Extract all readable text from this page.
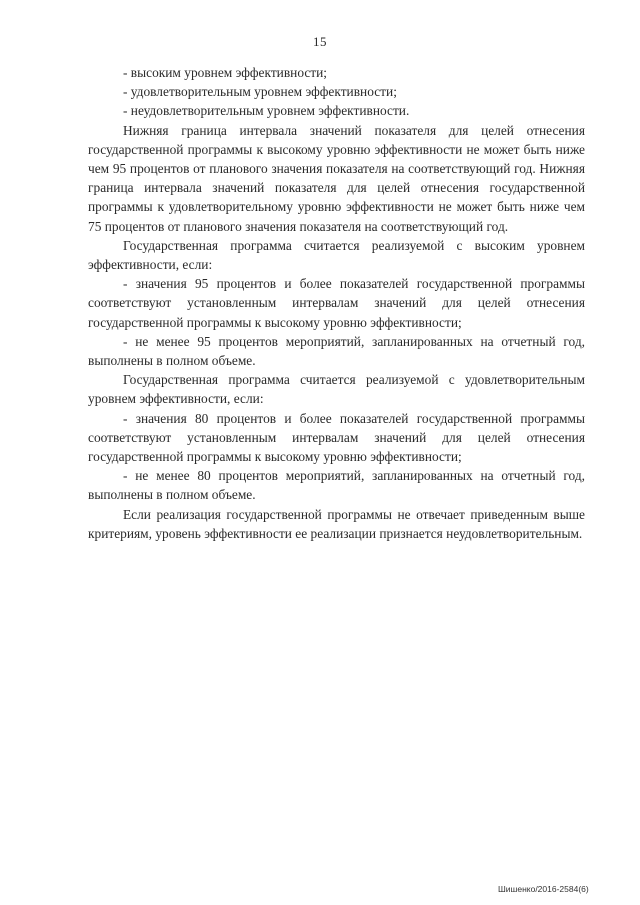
15

- высоким уровнем эффективности;

- удовлетворительным уровнем эффективности;

- неудовлетворительным уровнем эффективности.

Нижняя граница интервала значений показателя для целей отнесения государственной программы к высокому уровню эффективности не может быть ниже чем 95 процентов от планового значения показателя на соответствующий год. Нижняя граница интервала значений показателя для целей отнесения государственной программы к удовлетворительному уровню эффективности не может быть ниже чем 75 процентов от планового значения показателя на соответствующий год.

Государственная программа считается реализуемой с высоким уровнем эффективности, если:

- значения 95 процентов и более показателей государственной программы соответствуют установленным интервалам значений для целей отнесения государственной программы к высокому уровню эффективности;

- не менее 95 процентов мероприятий, запланированных на отчетный год, выполнены в полном объеме.

Государственная программа считается реализуемой с удовлетворительным уровнем эффективности, если:

- значения 80 процентов и более показателей государственной программы соответствуют установленным интервалам значений для целей отнесения государственной программы к высокому уровню эффективности;

- не менее 80 процентов мероприятий, запланированных на отчетный год, выполнены в полном объеме.

Если реализация государственной программы не отвечает приведенным выше критериям, уровень эффективности ее реализации признается неудовлетворительным.

Шишенко/2016-2584(6)
